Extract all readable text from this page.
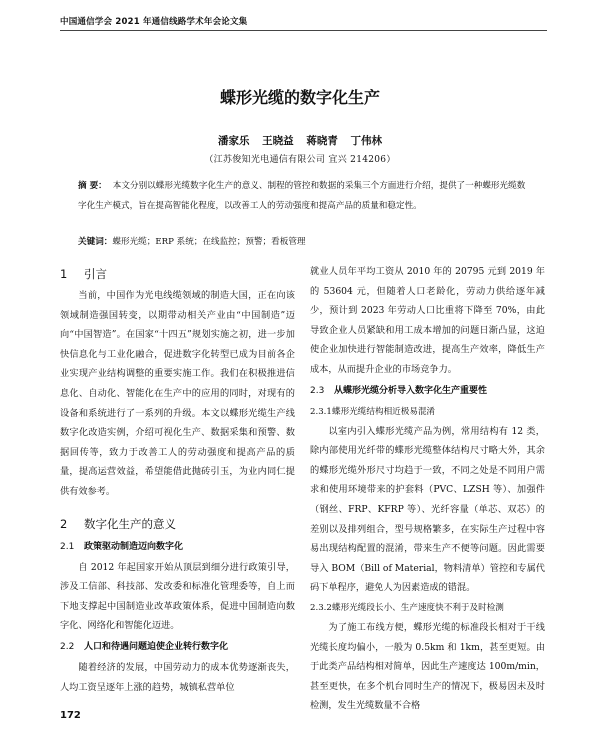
中国通信学会 2021 年通信线路学术年会论文集
蝶形光缆的数字化生产
潘家乐 王晓益 蒋晓青 丁伟林
（江苏俊知光电通信有限公司 宜兴 214206）
摘 要： 本文分别以蝶形光缆数字化生产的意义、制程的管控和数据的采集三个方面进行介绍，提供了一种蝶形光缆数字化生产模式，旨在提高智能化程度，以改善工人的劳动强度和提高产品的质量和稳定性。
关键词：蝶形光缆；ERP 系统；在线监控；预警；看板管理
1 引言

当前，中国作为光电线缆领域的制造大国，正在向该领域制造强国转变，以期带动相关产业由“中国制造”迈向“中国智造”。在国家“十四五”规划实施之初，进一步加快信息化与工业化融合，促进数字化转型已成为目前各企业实现产业结构调整的重要实施工作。我们在积极推进信息化、自动化、智能化在生产中的应用的同时，对现有的设备和系统进行了一系列的升级。本文以蝶形光缆生产线数字化改造实例，介绍可视化生产、数据采集和预警、数据回传等，致力于改善工人的劳动强度和提高产品的质量，提高运营效益，希望能借此抛砖引玉，为业内同仁提供有效参考。

2 数字化生产的意义
2.1 政策驱动制造迈向数字化

自 2012 年起国家开始从顶层到细分进行政策引导，涉及工信部、科技部、发改委和标准化管理委等，自上而下地支撑起中国制造业改革政策体系，促进中国制造向数字化、网络化和智能化迈进。

2.2 人口和待遇问题迫使企业转行数字化

随着经济的发展，中国劳动力的成本优势逐渐丧失，人均工资呈逐年上涨的趋势，城镇私营单位

就业人员年平均工资从 2010 年的 20795 元到 2019 年的 53604 元，但随着人口老龄化，劳动力供给逐年减少，预计到 2023 年劳动人口比重将下降至 70%，由此导致企业人员紧缺和用工成本增加的问题日渐凸显，这迫使企业加快进行智能制造改进，提高生产效率，降低生产成本，从而提升企业的市场竞争力。

2.3 从蝶形光缆分析导入数字化生产重要性
2.3.1蝶形光缆结构相近极易混淆

以室内引入蝶形光缆产品为例，常用结构有 12 类，除内部使用光纤带的蝶形光缆整体结构尺寸略大外，其余的蝶形光缆外形尺寸均趋于一致，不同之处是不同用户需求和使用环境带来的护套料（PVC、LZSH 等）、加强件（钢丝、FRP、KFRP 等）、光纤容量（单芯、双芯）的差别以及排列组合，型号规格繁多，在实际生产过程中容易出现结构配置的混淆，带来生产不便等问题。因此需要导入 BOM（Bill of Material，物料清单）管控和专属代码下单程序，避免人为因素造成的错混。

2.3.2蝶形光缆段长小、生产速度快不利于及时检测

为了施工布线方便，蝶形光缆的标准段长相对于干线光缆长度均偏小，一般为 0.5km 和 1km，甚至更短。由于此类产品结构相对简单，因此生产速度达 100m/min，甚至更快，在多个机台同时生产的情况下，极易因未及时检测，发生光缆数量不合格

172
